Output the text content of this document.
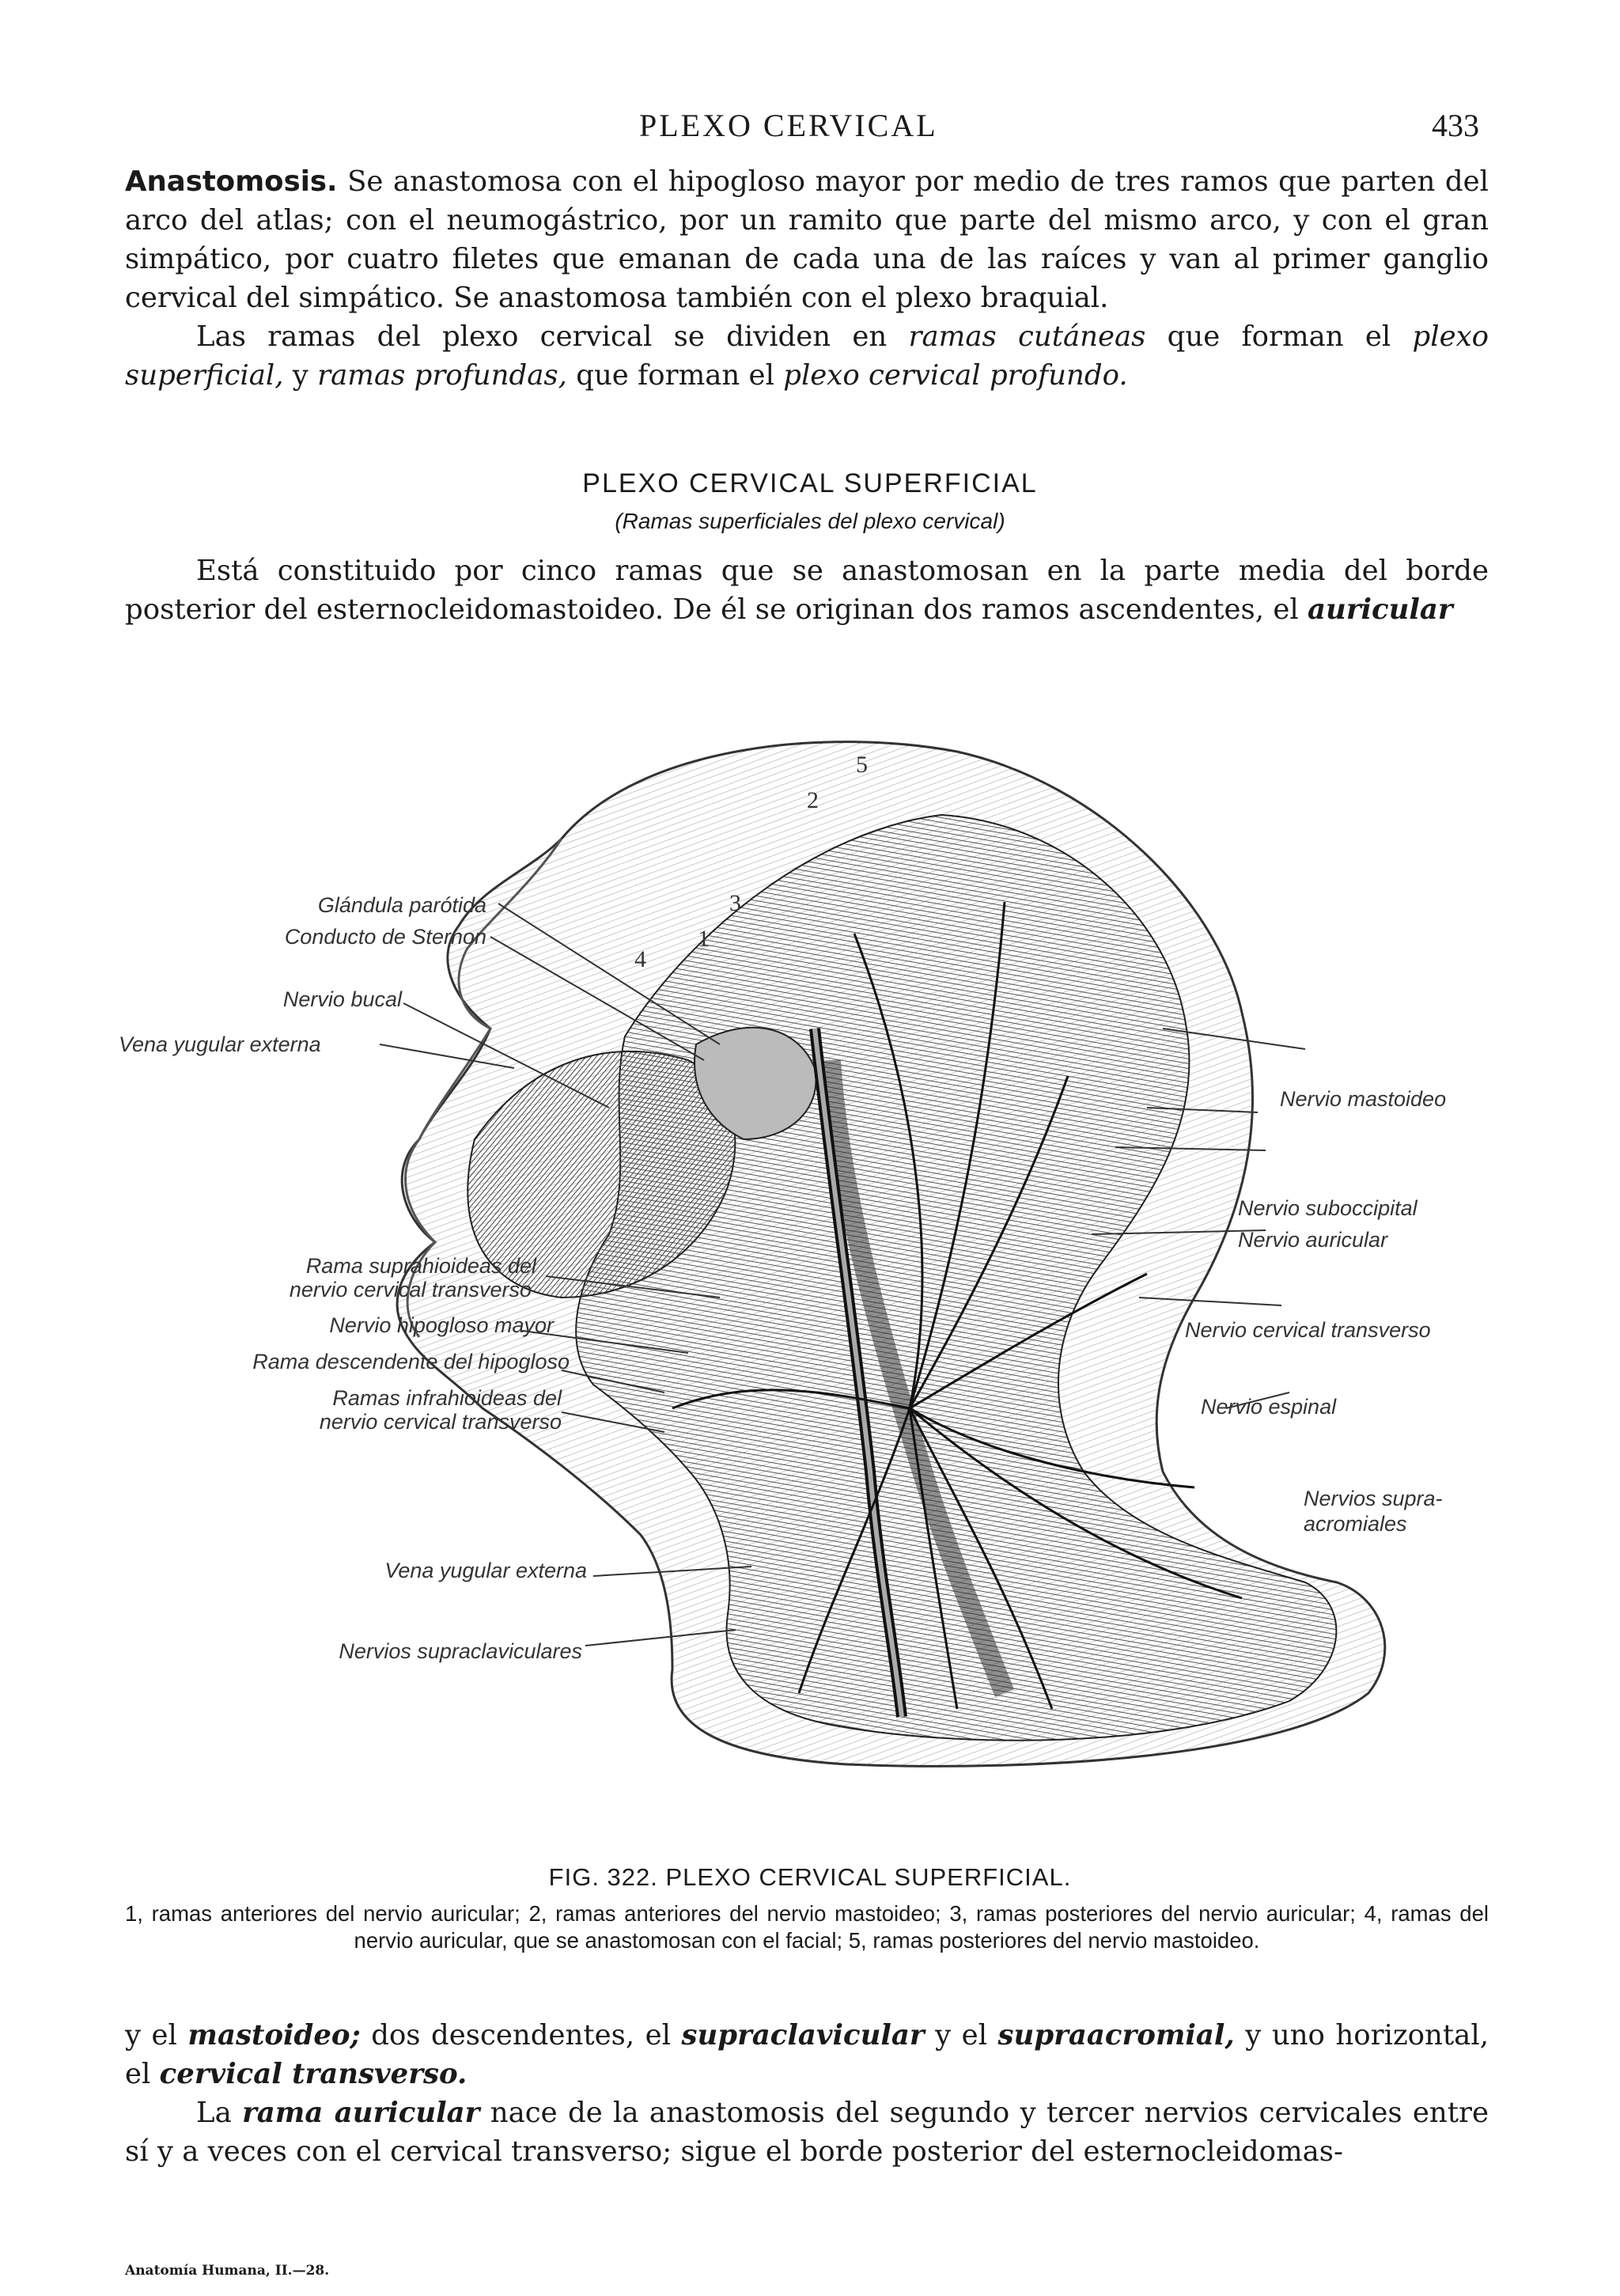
PLEXO CERVICAL	433

Anastomosis. Se anastomosa con el hipogloso mayor por medio de tres ramos que parten del arco del atlas; con el neumogástrico, por un ramito que parte del mismo arco, y con el gran simpático, por cuatro filetes que emanan de cada una de las raíces y van al primer ganglio cervical del simpático. Se anastomosa también con el plexo braquial.

Las ramas del plexo cervical se dividen en ramas cutáneas que forman el plexo superficial, y ramas profundas, que forman el plexo cervical profundo.

PLEXO CERVICAL SUPERFICIAL
(Ramas superficiales del plexo cervical)

Está constituido por cinco ramas que se anastomosan en la parte media del borde posterior del esternocleidomastoideo. De él se originan dos ramos ascendentes, el auricular

Glándula parótida
Conducto de Sternon
Nervio bucal
Vena yugular externa
Rama suprahioideas del
nervio cervical transverso
Nervio hipogloso mayor
Rama descendente del hipogloso
Ramas infrahioideas del
nervio cervical transverso
Vena yugular externa
Nervios supraclaviculares
Nervio mastoideo
Nervio suboccipital
Nervio auricular
Nervio cervical transverso
Nervio espinal
Nervios supra-
acromiales
1
2
3
4
5
FIG. 322. PLEXO CERVICAL SUPERFICIAL.
1, ramas anteriores del nervio auricular; 2, ramas anteriores del nervio mastoideo; 3, ramas posteriores del nervio auricular; 4, ramas del nervio auricular, que se anastomosan con el facial; 5, ramas posteriores del nervio mastoideo.

y el mastoideo; dos descendentes, el supraclavicular y el supraacromial, y uno horizontal, el cervical transverso.

La rama auricular nace de la anastomosis del segundo y tercer nervios cervicales entre sí y a veces con el cervical transverso; sigue el borde posterior del esternocleidomas-

Anatomía Humana, II.—28.
